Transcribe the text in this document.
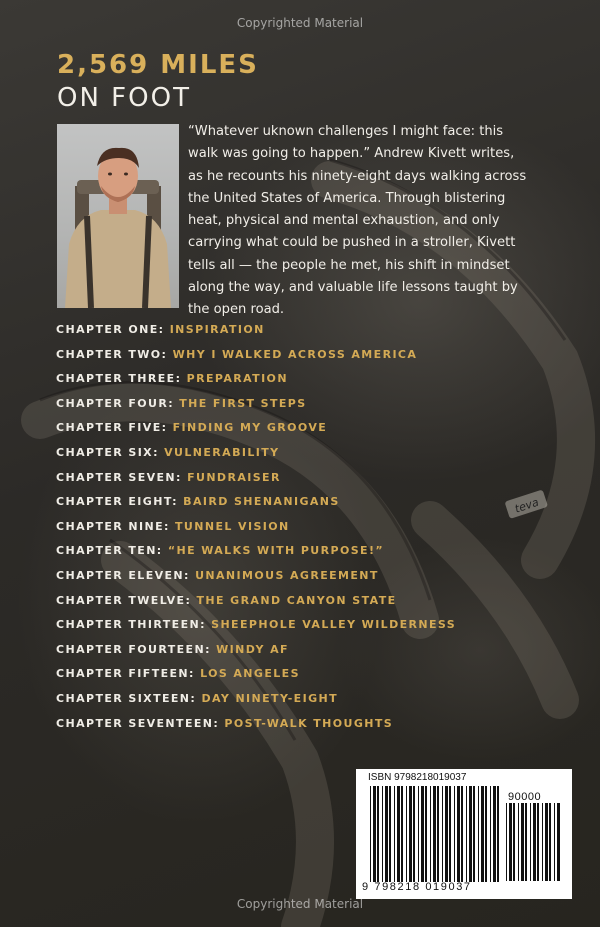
teva
Copyrighted Material
2,569 MILES
ON FOOT
“Whatever uknown challenges I might face: this walk was going to happen.” Andrew Kivett writes, as he recounts his ninety-eight days walking across the United States of America. Through blistering heat, physical and mental exhaustion, and only carrying what could be pushed in a stroller, Kivett tells all — the people he met, his shift in mindset along the way, and valuable life lessons taught by the open road.
CHAPTER ONE: INSPIRATION
CHAPTER TWO: WHY I WALKED ACROSS AMERICA
CHAPTER THREE: PREPARATION
CHAPTER FOUR: THE FIRST STEPS
CHAPTER FIVE: FINDING MY GROOVE
CHAPTER SIX: VULNERABILITY
CHAPTER SEVEN: FUNDRAISER
CHAPTER EIGHT: BAIRD SHENANIGANS
CHAPTER NINE: TUNNEL VISION
CHAPTER TEN: “HE WALKS WITH PURPOSE!”
CHAPTER ELEVEN: UNANIMOUS AGREEMENT
CHAPTER TWELVE: THE GRAND CANYON STATE
CHAPTER THIRTEEN: SHEEPHOLE VALLEY WILDERNESS
CHAPTER FOURTEEN: WINDY AF
CHAPTER FIFTEEN: LOS ANGELES
CHAPTER SIXTEEN: DAY NINETY-EIGHT
CHAPTER SEVENTEEN: POST-WALK THOUGHTS
ISBN 9798218019037
90000
9 798218 019037
Copyrighted Material
